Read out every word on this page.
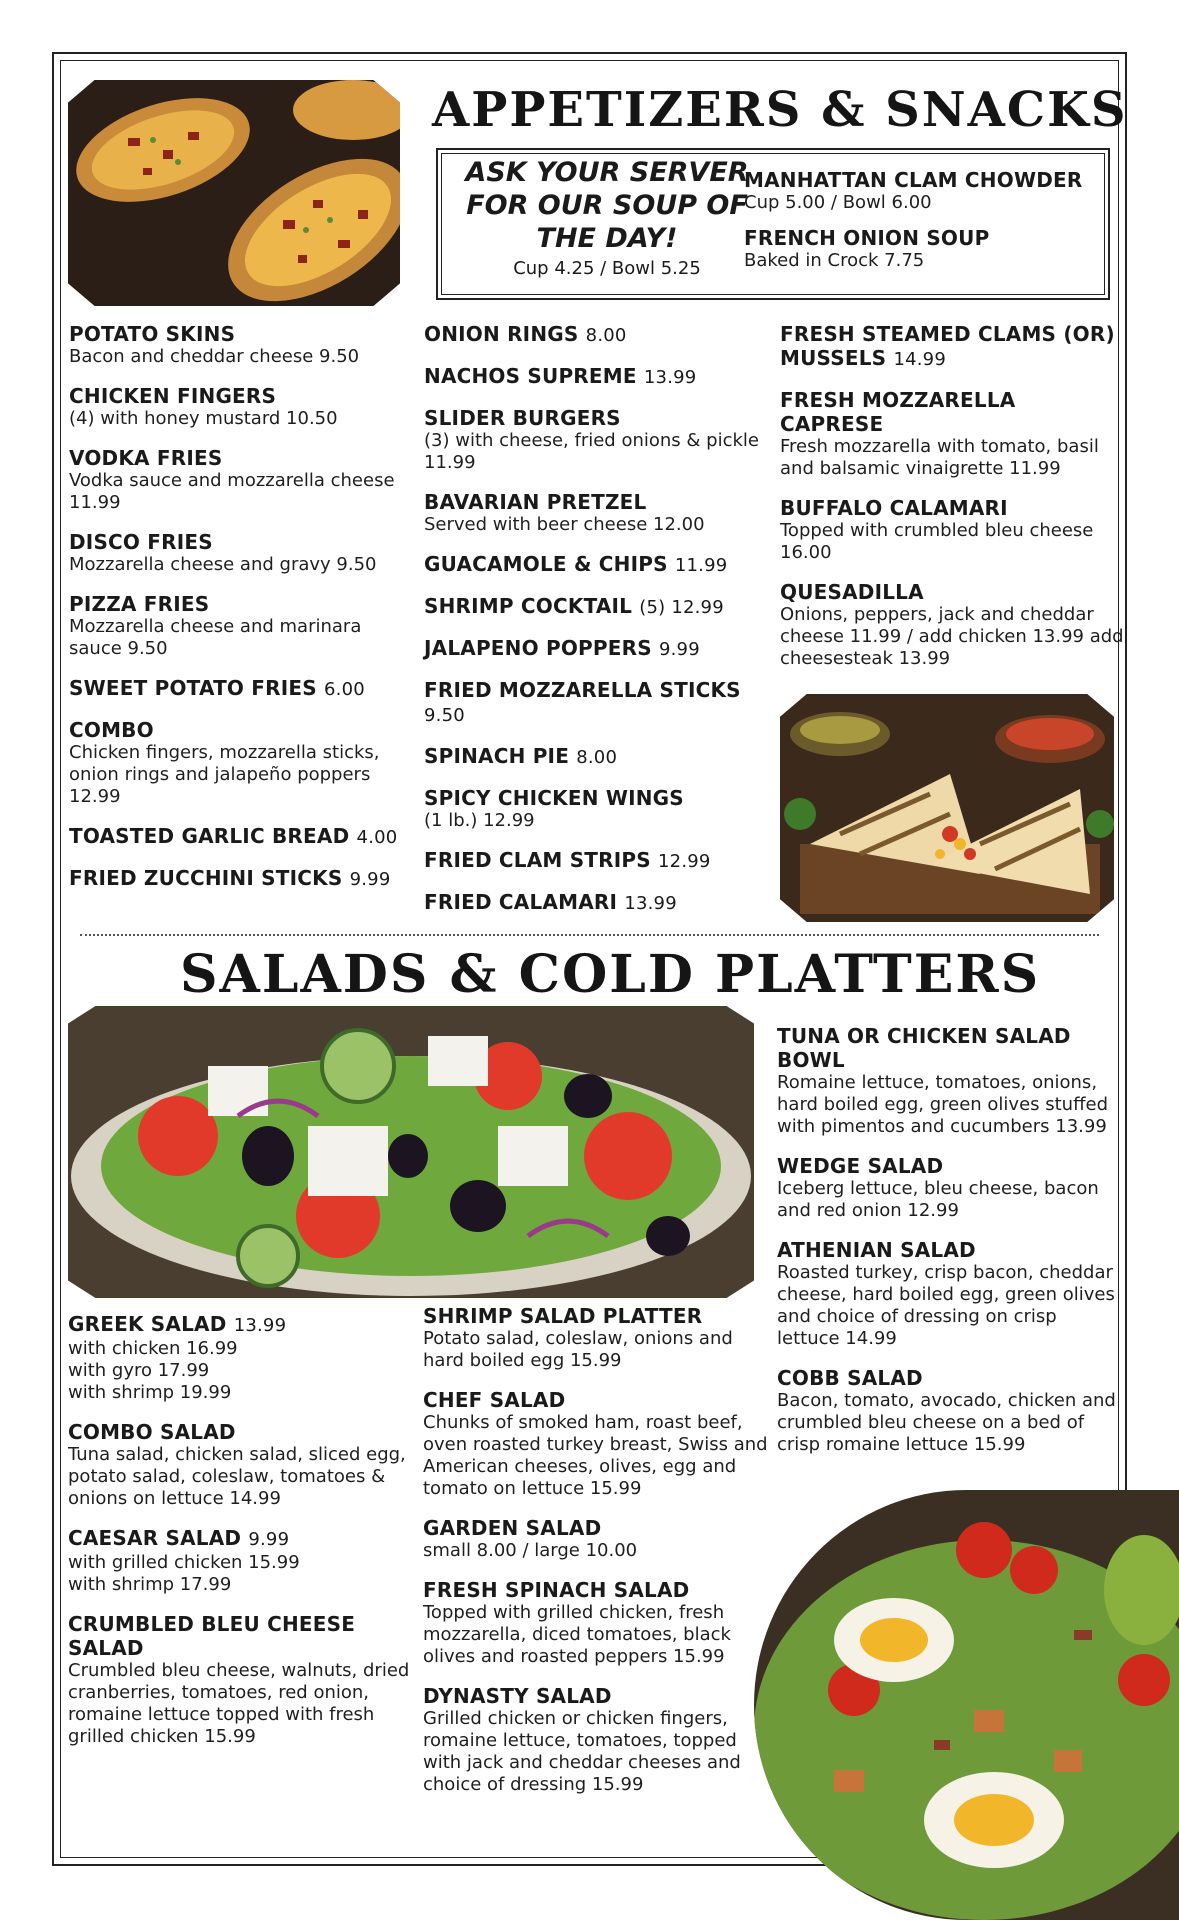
APPETIZERS & SNACKS
ASK YOUR SERVER FOR OUR SOUP OF THE DAY!
Cup 4.25 / Bowl 5.25
MANHATTAN CLAM CHOWDER
Cup 5.00 / Bowl 6.00
FRENCH ONION SOUP
Baked in Crock 7.75
POTATO SKINS
Bacon and cheddar cheese 9.50
CHICKEN FINGERS
(4) with honey mustard 10.50
VODKA FRIES
Vodka sauce and mozzarella cheese 11.99
DISCO FRIES
Mozzarella cheese and gravy 9.50
PIZZA FRIES
Mozzarella cheese and marinara sauce 9.50
SWEET POTATO FRIES 6.00
COMBO
Chicken fingers, mozzarella sticks, onion rings and jalapeño poppers 12.99
TOASTED GARLIC BREAD 4.00
FRIED ZUCCHINI STICKS 9.99
ONION RINGS 8.00
NACHOS SUPREME 13.99
SLIDER BURGERS
(3) with cheese, fried onions & pickle 11.99
BAVARIAN PRETZEL
Served with beer cheese 12.00
GUACAMOLE & CHIPS 11.99
SHRIMP COCKTAIL (5) 12.99
JALAPENO POPPERS 9.99
FRIED MOZZARELLA STICKS 9.50
SPINACH PIE 8.00
SPICY CHICKEN WINGS
(1 lb.) 12.99
FRIED CLAM STRIPS 12.99
FRIED CALAMARI 13.99
FRESH STEAMED CLAMS (OR) MUSSELS 14.99
FRESH MOZZARELLA CAPRESE
Fresh mozzarella with tomato, basil and balsamic vinaigrette 11.99
BUFFALO CALAMARI
Topped with crumbled bleu cheese 16.00
QUESADILLA
Onions, peppers, jack and cheddar cheese 11.99 / add chicken 13.99 add cheesesteak 13.99
SALADS & COLD PLATTERS
GREEK SALAD 13.99
with chicken 16.99
with gyro 17.99
with shrimp 19.99
COMBO SALAD
Tuna salad, chicken salad, sliced egg, potato salad, coleslaw, tomatoes & onions on lettuce 14.99
CAESAR SALAD 9.99
with grilled chicken 15.99
with shrimp 17.99
CRUMBLED BLEU CHEESE SALAD
Crumbled bleu cheese, walnuts, dried cranberries, tomatoes, red onion, romaine lettuce topped with fresh grilled chicken 15.99
SHRIMP SALAD PLATTER
Potato salad, coleslaw, onions and hard boiled egg 15.99
CHEF SALAD
Chunks of smoked ham, roast beef, oven roasted turkey breast, Swiss and American cheeses, olives, egg and tomato on lettuce 15.99
GARDEN SALAD
small 8.00 / large 10.00
FRESH SPINACH SALAD
Topped with grilled chicken, fresh mozzarella, diced tomatoes, black olives and roasted peppers 15.99
DYNASTY SALAD
Grilled chicken or chicken fingers, romaine lettuce, tomatoes, topped with jack and cheddar cheeses and choice of dressing 15.99
TUNA OR CHICKEN SALAD BOWL
Romaine lettuce, tomatoes, onions, hard boiled egg, green olives stuffed with pimentos and cucumbers 13.99
WEDGE SALAD
Iceberg lettuce, bleu cheese, bacon and red onion 12.99
ATHENIAN SALAD
Roasted turkey, crisp bacon, cheddar cheese, hard boiled egg, green olives and choice of dressing on crisp lettuce 14.99
COBB SALAD
Bacon, tomato, avocado, chicken and crumbled bleu cheese on a bed of crisp romaine lettuce 15.99
